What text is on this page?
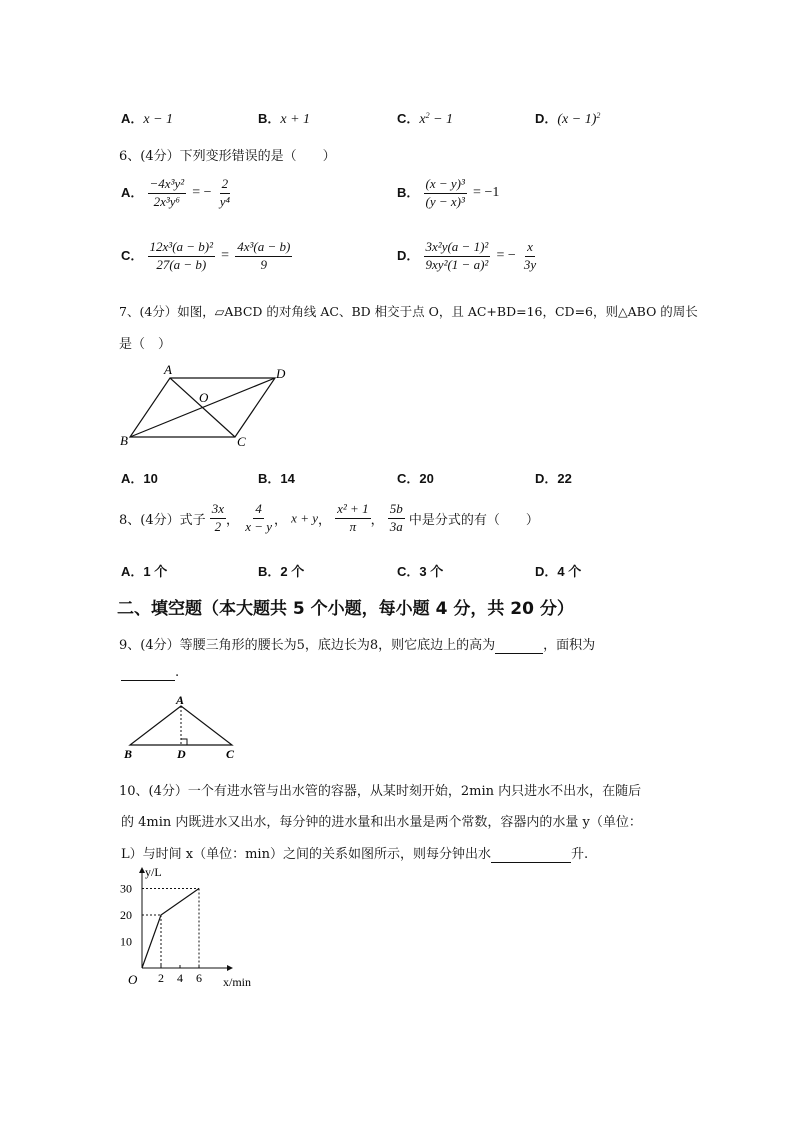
A．x − 1	B．x + 1	C．$x^2 - 1$	D．$(x - 1)^2$
6、(4分）下列变形错误的是（　　）
A． $\frac{\text{−4x³y²}}{\text{2x³y⁶}}$ = − $\frac{2}{\text{y⁴}}$	B． $\frac{\text{(x − y)³}}{\text{(y − x)³}} = -1$
C． $\frac{\text{12x³(a − b)²}}{27(a - b)} = \frac{\text{4x³(a − b)}}{9}$	D． $\frac{\text{3x²y(a − 1)²}}{\text{9xy²(1 − a)²}}$ = − $\frac{x}{3y}$
7、(4分）如图，▱ABCD 的对角线 AC、BD 相交于点 O，且 AC+BD=16，CD=6，则△ABO 的周长
是（　）
A	D
O
B	C
A．10	B．14	C．20	D．22
8、(4分）式子 $\frac{3x}{2}$ ， $\frac{4}{x - y}$ ， x + y， $\frac{\text{x² + 1}}{\pi}$ ， $\frac{5b}{3a}$ 中是分式的有（　　）
A．1 个	B．2 个	C．3 个	D．4 个
二、填空题（本大题共 5 个小题，每小题 4 分，共 20 分）
9、(4分）等腰三角形的腰长为5，底边长为8，则它底边上的高为	，面积为
.
A
B	D	C
10、(4分）一个有进水管与出水管的容器，从某时刻开始，2min 内只进水不出水，在随后
的 4min 内既进水又出水，每分钟的进水量和出水量是两个常数，容器内的水量 y（单位：
L）与时间 x（单位：min）之间的关系如图所示，则每分钟出水	升.
2 4 6
10
20
30
y/L
x/min
O
